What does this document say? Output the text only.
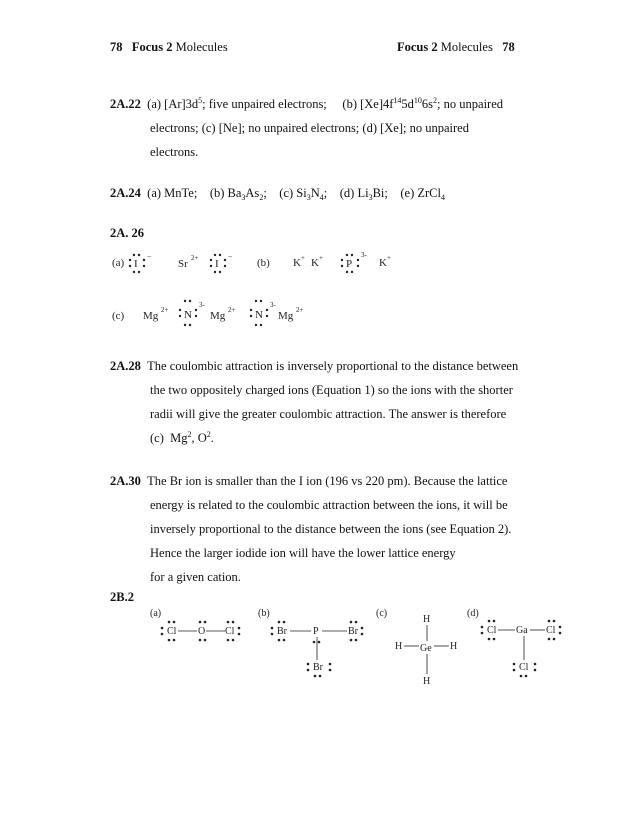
78 Focus 2 Molecules	Focus 2 Molecules 78
2A.22 (a) $[Ar]3d^5$; five unpaired electrons; (b) $[Xe]4f^{14}5d^{10}6s^2$; no unpaired
electrons; (c) [Ne]; no unpaired electrons; (d) [Xe]; no unpaired
electrons.
2A.24 (a) MnTe; (b) $Ba_3As_2$; (c) $Si_3N_4$; (d) $Li_3Bi$; (e) ZrCl$_4$
2A. 26
(a) I
−
Sr 2+ I
−
(b) K + K + P
3-
K +
(c) Mg 2+ N
3-
Mg 2+ N
3-
Mg 2+
2A.28 The coulombic attraction is inversely proportional to the distance between
the two oppositely charged ions (Equation 1) so the ions with the shorter
radii will give the greater coulombic attraction. The answer is therefore
(c) Mg$^2$, $O^2$.
2A.30 The Br ion is smaller than the I ion (196 vs 220 pm). Because the lattice
energy is related to the coulombic attraction between the ions, it will be
inversely proportional to the distance between the ions (see Equation 2).
Hence the larger iodide ion will have the lower lattice energy
for a given cation.
2B.2
(a)
Cl O Cl
(b)
Br	P	Br
Br
(c)
H
H Ge H
H
(d)
Cl Ga Cl
Cl
